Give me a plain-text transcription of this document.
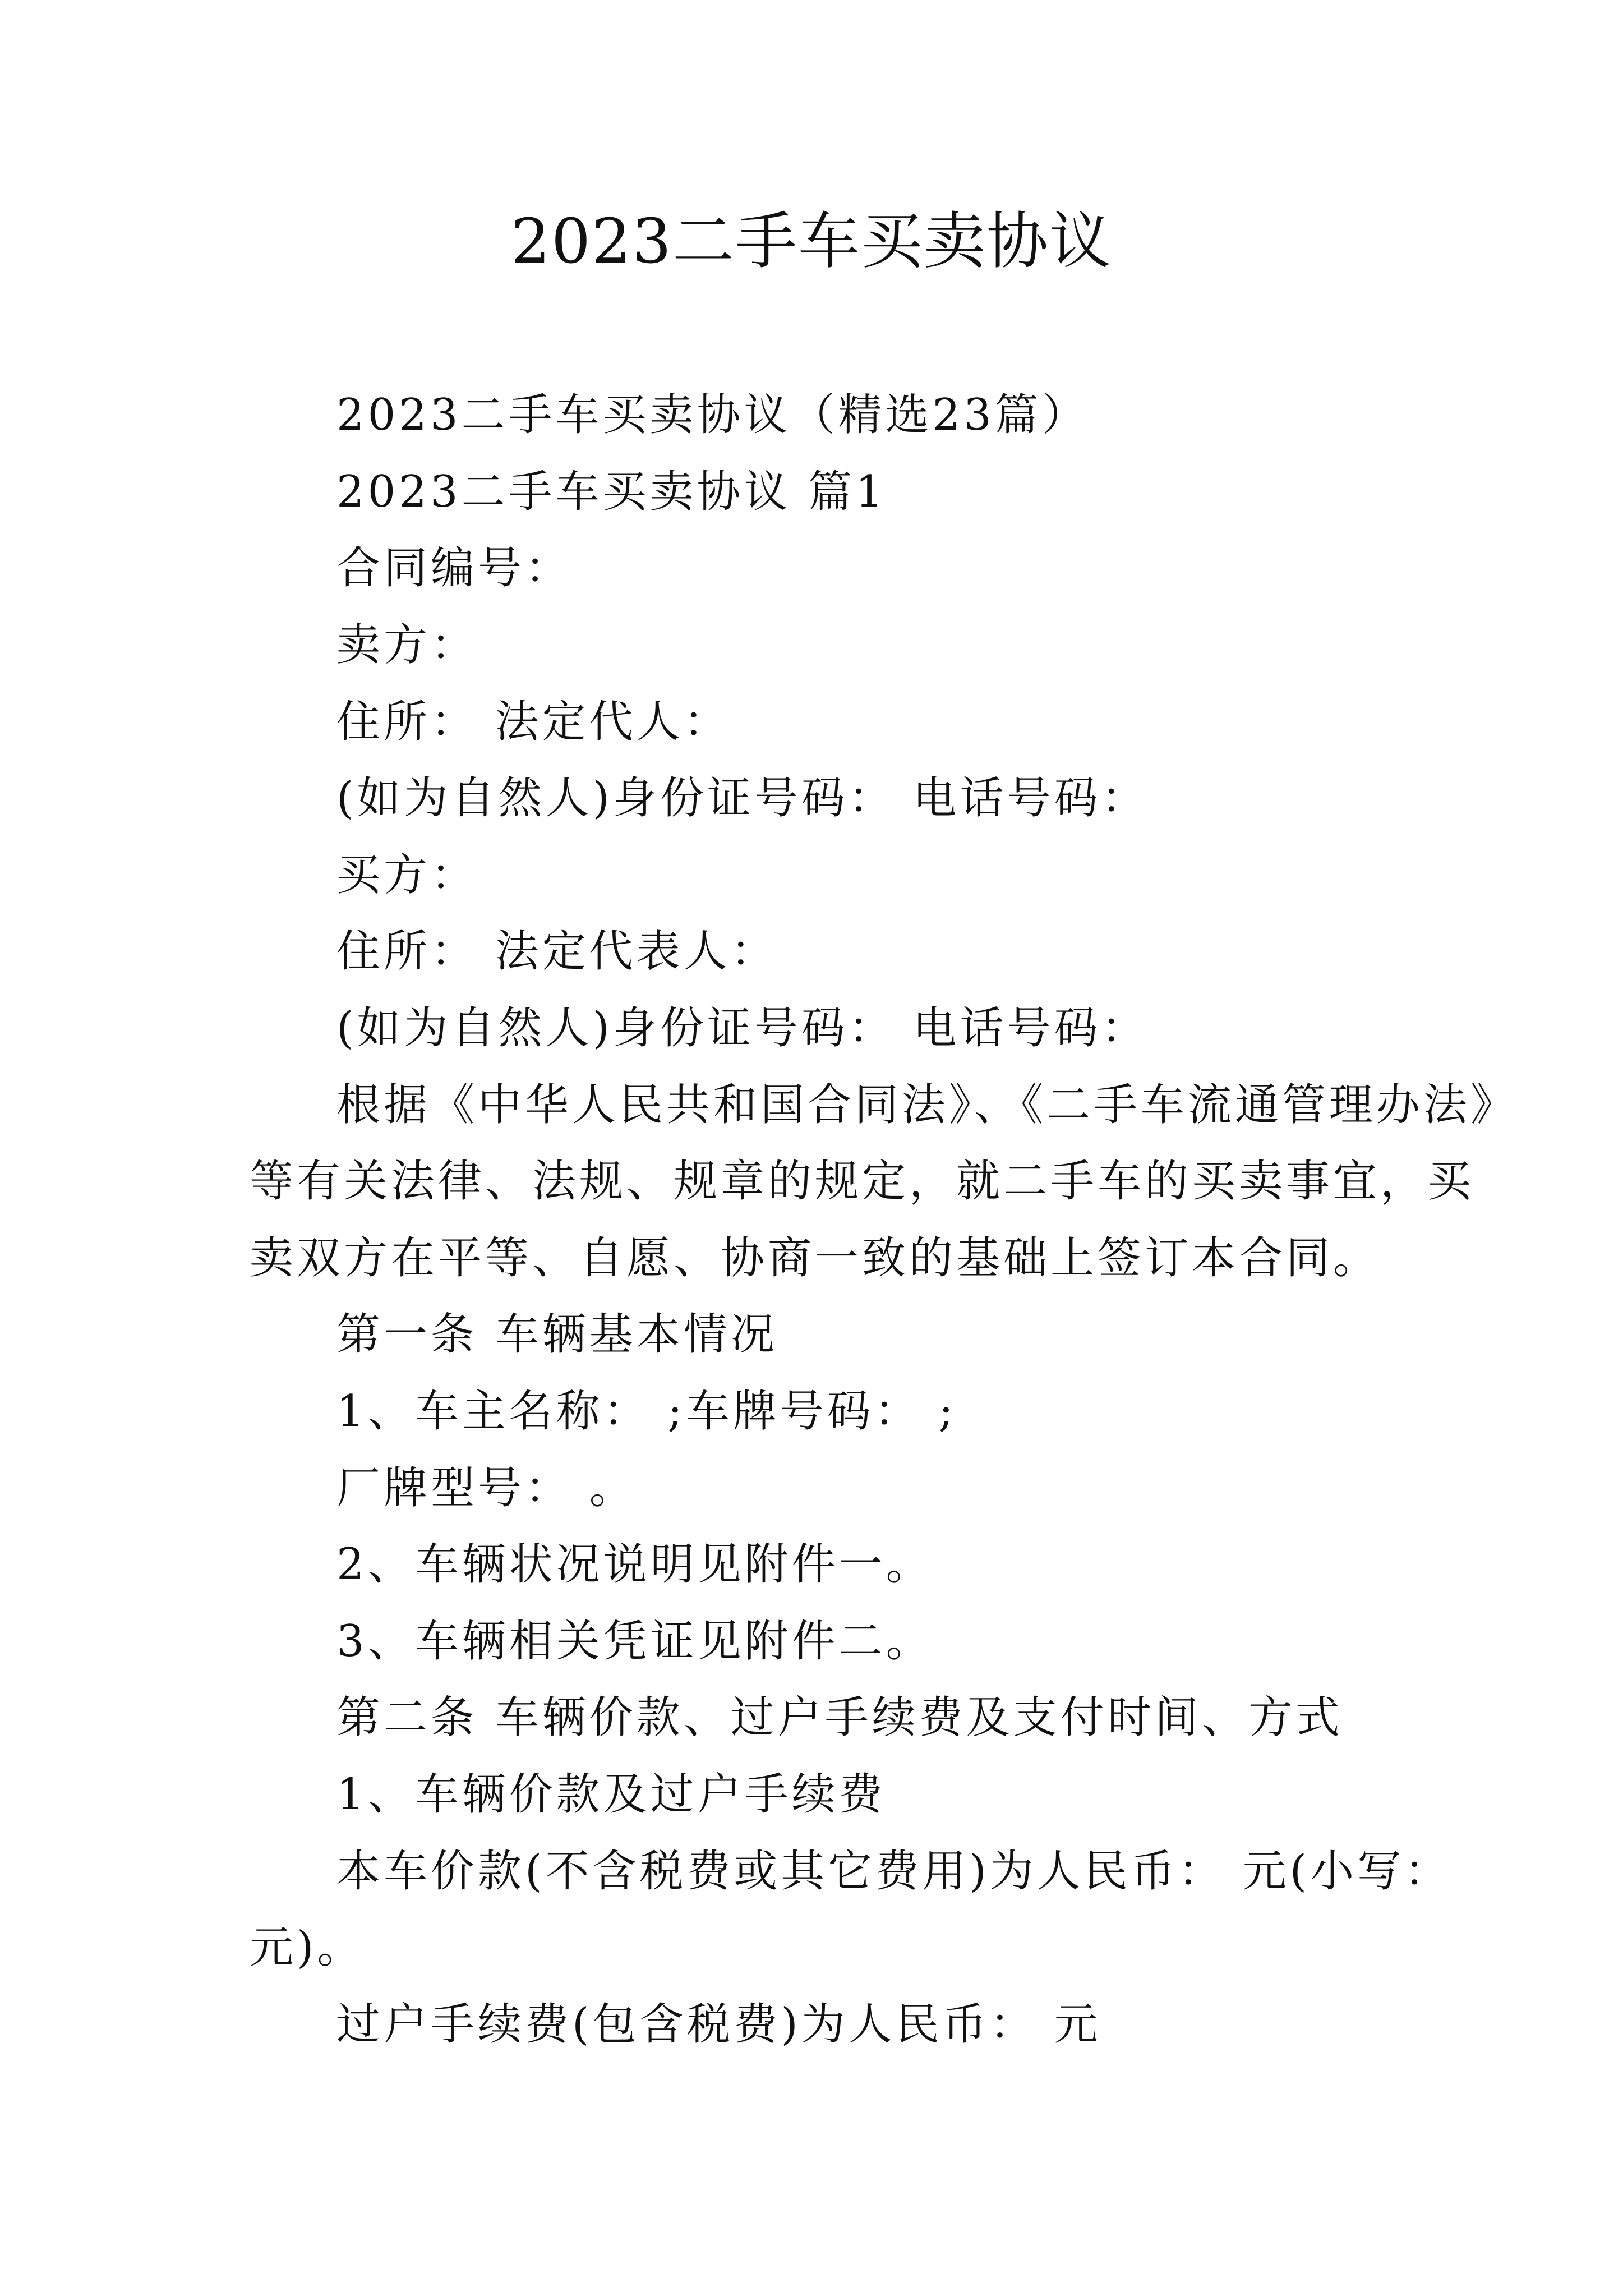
2023二手车买卖协议
2023二手车买卖协议（精选23篇）
2023二手车买卖协议 篇1
合同编号：
卖方：
住所： 法定代人：
(如为自然人)身份证号码： 电话号码：
买方：
住所： 法定代表人：
(如为自然人)身份证号码： 电话号码：
根据《中华人民共和国合同法》、《二手车流通管理办法》
等有关法律、法规、规章的规定，就二手车的买卖事宜，买
卖双方在平等、自愿、协商一致的基础上签订本合同。
第一条 车辆基本情况
1、车主名称： ;车牌号码： ;
厂牌型号： 。
2、车辆状况说明见附件一。
3、车辆相关凭证见附件二。
第二条 车辆价款、过户手续费及支付时间、方式
1、车辆价款及过户手续费
本车价款(不含税费或其它费用)为人民币： 元(小写：
元)。
过户手续费(包含税费)为人民币： 元
